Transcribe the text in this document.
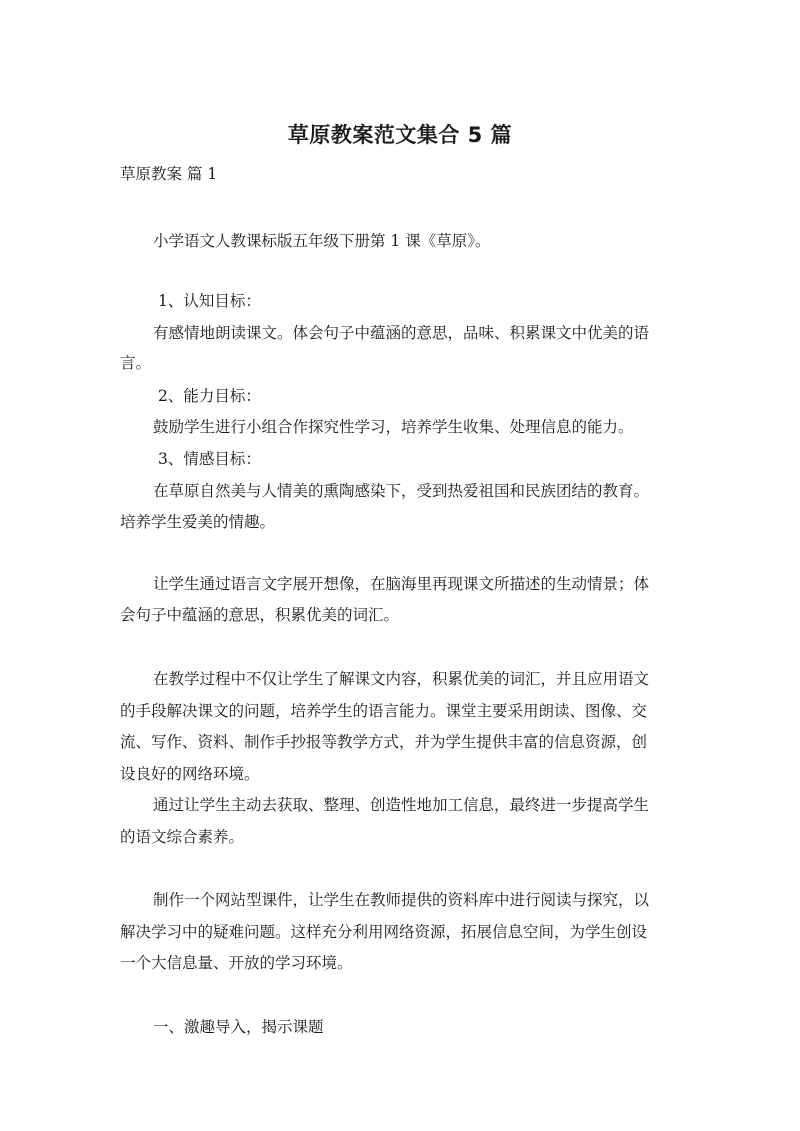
草原教案范文集合 5 篇
草原教案 篇 1
小学语文人教课标版五年级下册第 1 课《草原》。
1、认知目标：
有感情地朗读课文。体会句子中蕴涵的意思，品味、积累课文中优美的语
言。
2、能力目标：
鼓励学生进行小组合作探究性学习，培养学生收集、处理信息的能力。
3、情感目标：
在草原自然美与人情美的熏陶感染下，受到热爱祖国和民族团结的教育。
培养学生爱美的情趣。
让学生通过语言文字展开想像，在脑海里再现课文所描述的生动情景；体
会句子中蕴涵的意思，积累优美的词汇。
在教学过程中不仅让学生了解课文内容，积累优美的词汇，并且应用语文
的手段解决课文的问题，培养学生的语言能力。课堂主要采用朗读、图像、交
流、写作、资料、制作手抄报等教学方式，并为学生提供丰富的信息资源，创
设良好的网络环境。
通过让学生主动去获取、整理、创造性地加工信息，最终进一步提高学生
的语文综合素养。
制作一个网站型课件，让学生在教师提供的资料库中进行阅读与探究，以
解决学习中的疑难问题。这样充分利用网络资源，拓展信息空间，为学生创设
一个大信息量、开放的学习环境。
一、激趣导入，揭示课题
